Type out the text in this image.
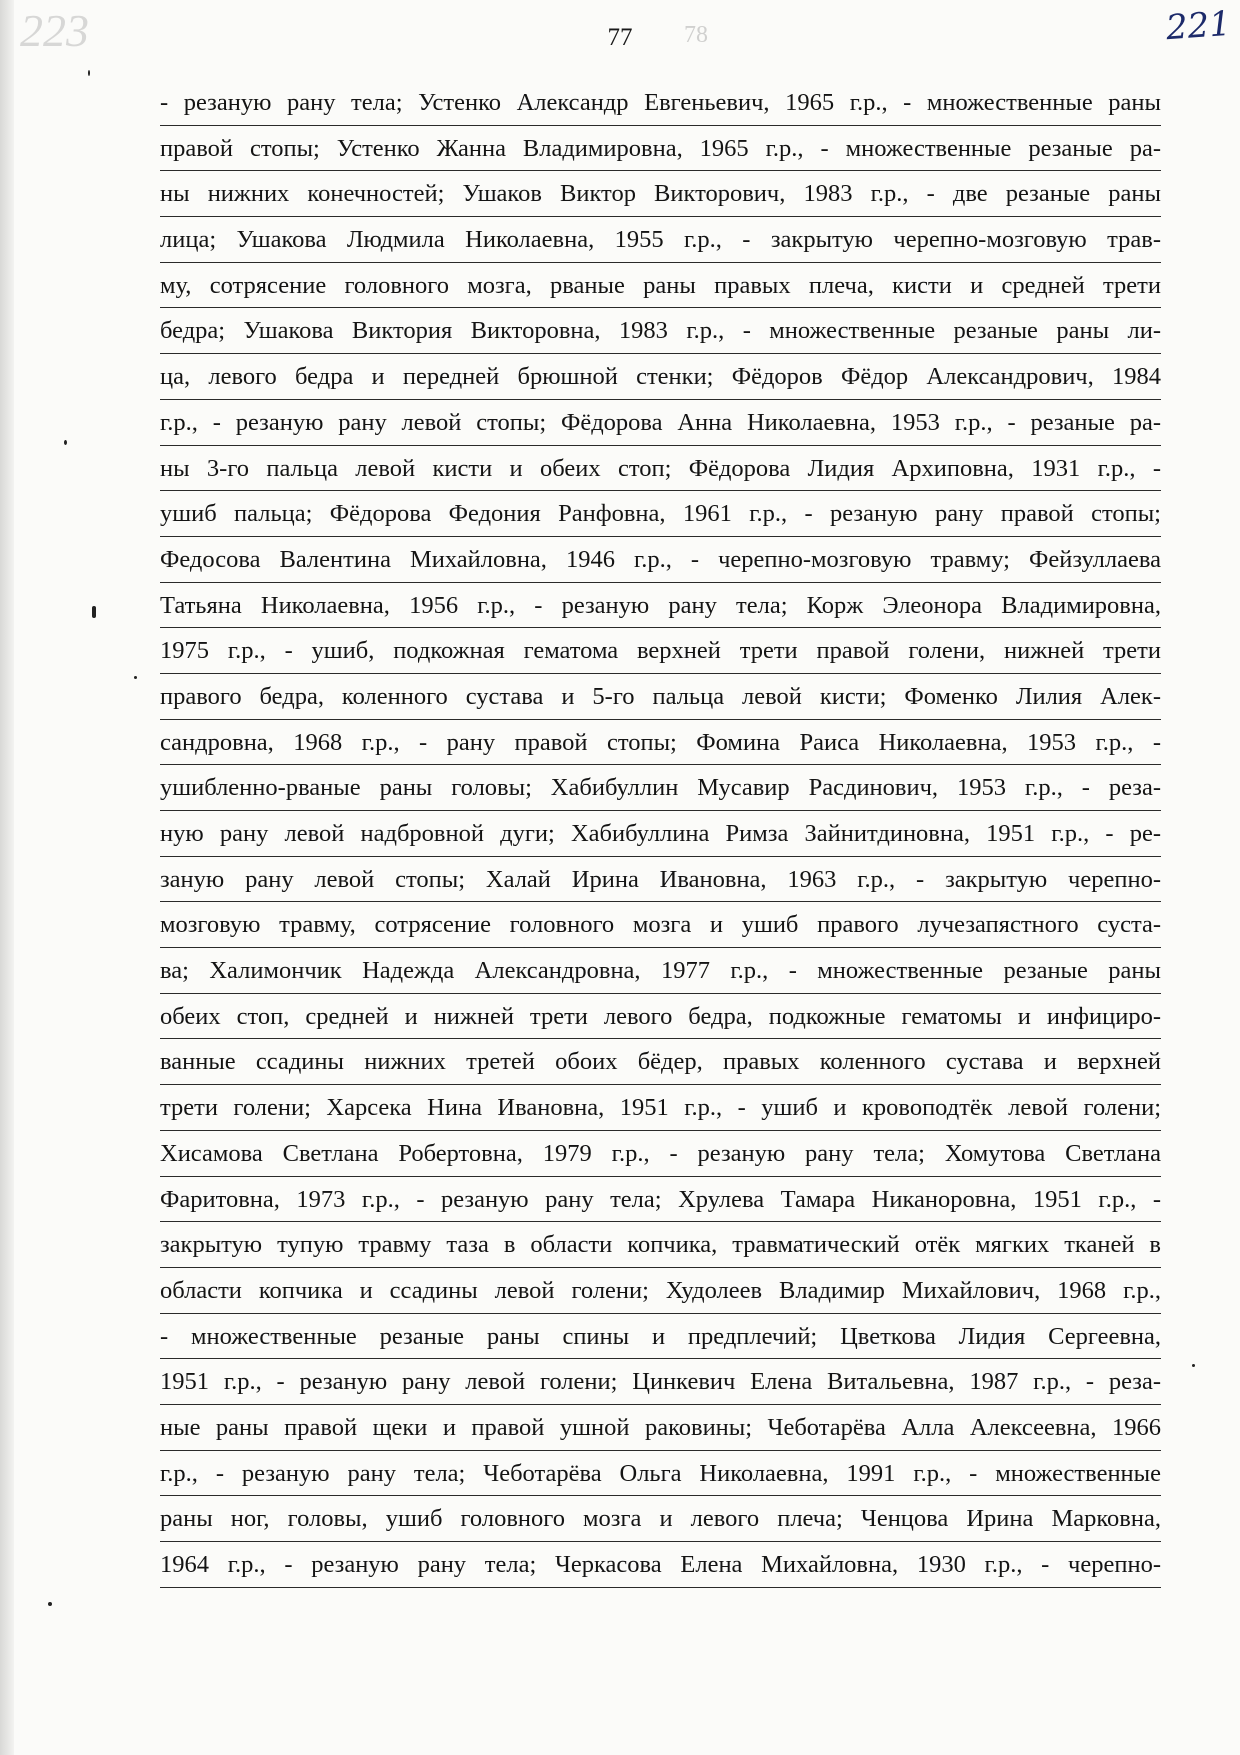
223	78
77	221
- резаную рану тела; Устенко Александр Евгеньевич, 1965 г.р., - множественные раны
правой стопы; Устенко Жанна Владимировна, 1965 г.р., - множественные резаные ра-
ны нижних конечностей; Ушаков Виктор Викторович, 1983 г.р., - две резаные раны
лица; Ушакова Людмила Николаевна, 1955 г.р., - закрытую черепно-мозговую трав-
му, сотрясение головного мозга, рваные раны правых плеча, кисти и средней трети
бедра; Ушакова Виктория Викторовна, 1983 г.р., - множественные резаные раны ли-
ца, левого бедра и передней брюшной стенки; Фёдоров Фёдор Александрович, 1984
г.р., - резаную рану левой стопы; Фёдорова Анна Николаевна, 1953 г.р., - резаные ра-
ны 3-го пальца левой кисти и обеих стоп; Фёдорова Лидия Архиповна, 1931 г.р., -
ушиб пальца; Фёдорова Федония Ранфовна, 1961 г.р., - резаную рану правой стопы;
Федосова Валентина Михайловна, 1946 г.р., - черепно-мозговую травму; Фейзуллаева
Татьяна Николаевна, 1956 г.р., - резаную рану тела; Корж Элеонора Владимировна,
1975 г.р., - ушиб, подкожная гематома верхней трети правой голени, нижней трети
правого бедра, коленного сустава и 5-го пальца левой кисти; Фоменко Лилия Алек-
сандровна, 1968 г.р., - рану правой стопы; Фомина Раиса Николаевна, 1953 г.р., -
ушибленно-рваные раны головы; Хабибуллин Мусавир Расдинович, 1953 г.р., - реза-
ную рану левой надбровной дуги; Хабибуллина Римза Зайнитдиновна, 1951 г.р., - ре-
заную рану левой стопы; Халай Ирина Ивановна, 1963 г.р., - закрытую черепно-
мозговую травму, сотрясение головного мозга и ушиб правого лучезапястного суста-
ва; Халимончик Надежда Александровна, 1977 г.р., - множественные резаные раны
обеих стоп, средней и нижней трети левого бедра, подкожные гематомы и инфициро-
ванные ссадины нижних третей обоих бёдер, правых коленного сустава и верхней
трети голени; Харсека Нина Ивановна, 1951 г.р., - ушиб и кровоподтёк левой голени;
Хисамова Светлана Робертовна, 1979 г.р., - резаную рану тела; Хомутова Светлана
Фаритовна, 1973 г.р., - резаную рану тела; Хрулева Тамара Никаноровна, 1951 г.р., -
закрытую тупую травму таза в области копчика, травматический отёк мягких тканей в
области копчика и ссадины левой голени; Худолеев Владимир Михайлович, 1968 г.р.,
- множественные резаные раны спины и предплечий; Цветкова Лидия Сергеевна,
1951 г.р., - резаную рану левой голени; Цинкевич Елена Витальевна, 1987 г.р., - реза-
ные раны правой щеки и правой ушной раковины; Чеботарёва Алла Алексеевна, 1966
г.р., - резаную рану тела; Чеботарёва Ольга Николаевна, 1991 г.р., - множественные
раны ног, головы, ушиб головного мозга и левого плеча; Ченцова Ирина Марковна,
1964 г.р., - резаную рану тела; Черкасова Елена Михайловна, 1930 г.р., - черепно-
